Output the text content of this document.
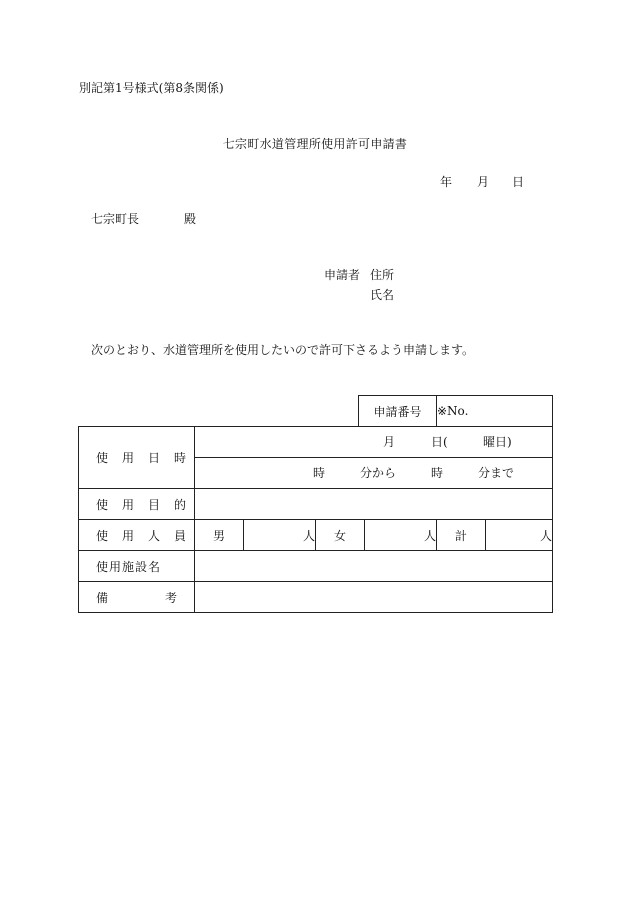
別記第1号様式(第8条関係)
七宗町水道管理所使用許可申請書
年 月 日
七宗町長	殿
申請者 住所
氏名
次のとおり、水道管理所を使用したいので許可下さるよう申請します。
申請番号	※No.
使　用　日　時	月 日( 曜日)					

	時 分から 時 分まで					

使　用　目　的						
使　用　人　員	男	人	女	人	計	人
使用施設名						

備 考						
